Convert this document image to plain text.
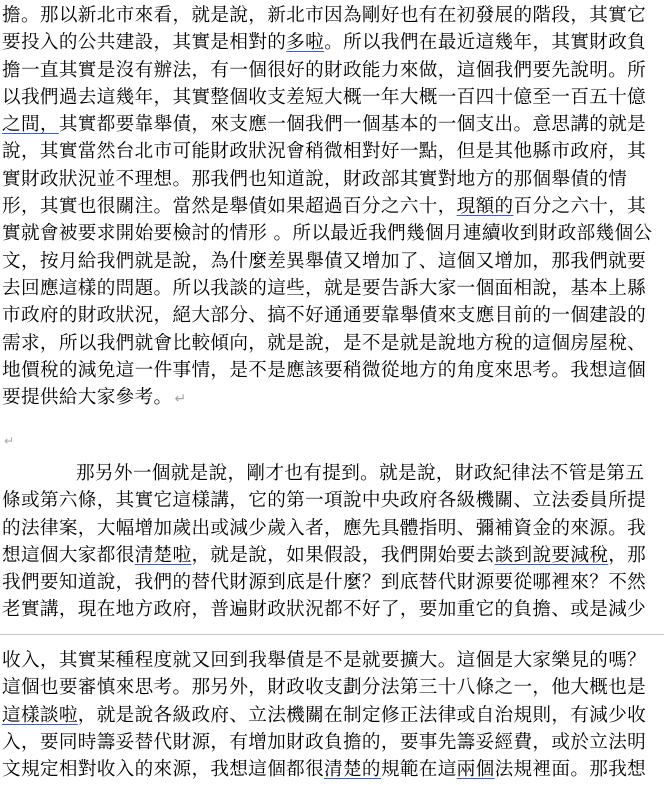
擔。那以新北市來看，就是說，新北市因為剛好也有在初發展的階段，其實它
要投入的公共建設，其實是相對的多啦。所以我們在最近這幾年，其實財政負
擔一直其實是沒有辦法，有一個很好的財政能力來做，這個我們要先說明。所
以我們過去這幾年，其實整個收支差短大概一年大概一百四十億至一百五十億
之間，其實都要靠舉債，來支應一個我們一個基本的一個支出。意思講的就是
說，其實當然台北市可能財政狀況會稍微相對好一點，但是其他縣市政府，其
實財政狀況並不理想。那我們也知道說，財政部其實對地方的那個舉債的情
形，其實也很關注。當然是舉債如果超過百分之六十，現額的百分之六十，其
實就會被要求開始要檢討的情形 。所以最近我們幾個月連續收到財政部幾個公
文，按月給我們就是說，為什麼差異舉債又增加了、這個又增加，那我們就要
去回應這樣的問題。所以我談的這些，就是要告訴大家一個面相說，基本上縣
市政府的財政狀況，絕大部分、搞不好通通要靠舉債來支應目前的一個建設的
需求，所以我們就會比較傾向，就是說，是不是就是說地方稅的這個房屋稅、
地價稅的減免這一件事情，是不是應該要稍微從地方的角度來思考。我想這個
要提供給大家參考。 ↵
↵
那另外一個就是說，剛才也有提到。就是說，財政紀律法不管是第五
條或第六條，其實它這樣講，它的第一項說中央政府各級機關、立法委員所提
的法律案，大幅增加歲出或減少歲入者，應先具體指明、彌補資金的來源。我
想這個大家都很清楚啦，就是說，如果假設，我們開始要去談到說要減稅，那
我們要知道說，我們的替代財源到底是什麼？到底替代財源要從哪裡來？不然
老實講，現在地方政府，普遍財政狀況都不好了，要加重它的負擔、或是減少
收入，其實某種程度就又回到我舉債是不是就要擴大。這個是大家樂見的嗎？
這個也要審慎來思考。那另外，財政收支劃分法第三十八條之一，他大概也是
這樣談啦，就是說各級政府、立法機關在制定修正法律或自治規則，有減少收
入，要同時籌妥替代財源，有增加財政負擔的，要事先籌妥經費，或於立法明
文規定相對收入的來源，我想這個都很清楚的規範在這兩個法規裡面。那我想
